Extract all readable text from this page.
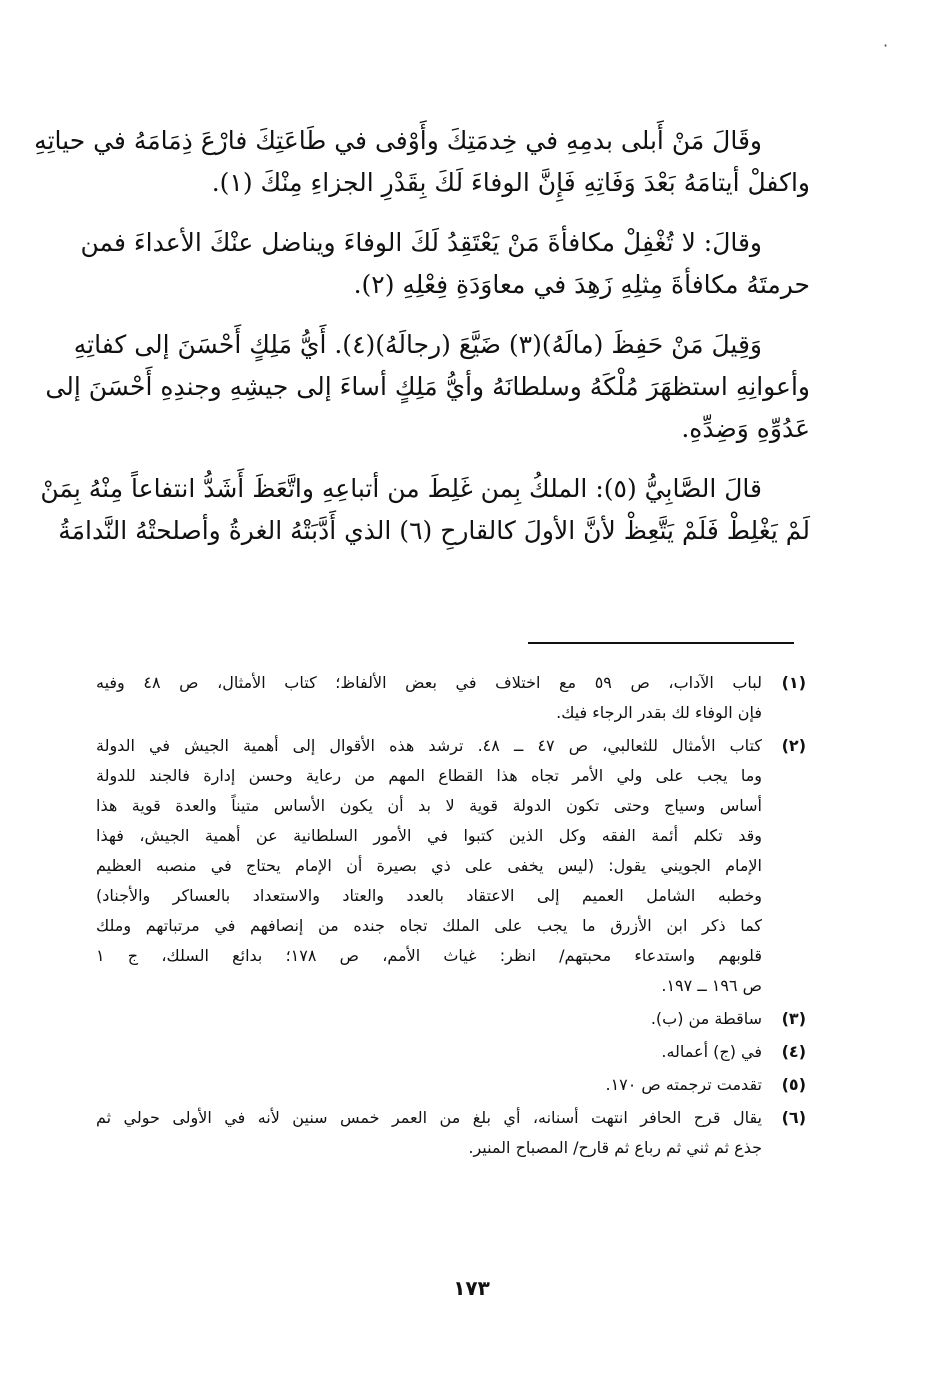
·

وقَالَ مَنْ أَبلى بدمِهِ في خِدمَتِكَ وأَوْفى في طَاعَتِكَ فارْعَ ذِمَامَهُ في حياتِهِ
واكفلْ أيتامَهُ بَعْدَ وَفَاتِهِ فَإِنَّ الوفاءَ لَكَ بِقَدْرِ الجزاءِ مِنْكَ (١).

وقالَ: لا تُغْفِلْ مكافأةَ مَنْ يَعْتَقِدُ لَكَ الوفاءَ ويناضل عنْكَ الأعداءَ فمن
حرمتَهُ مكافأةَ مِثلِهِ زَهِدَ في معاوَدَةِ فِعْلِهِ (٢).

وَقِيلَ مَنْ حَفِظَ (مالَهُ)(٣) ضَيَّعَ (رجالَهُ)(٤). أَيُّ مَلِكٍ أَحْسَنَ إلى كفاتِهِ
وأعوانِهِ استظهَرَ مُلْكَهُ وسلطانَهُ وأيُّ مَلِكٍ أساءَ إلى جيشِهِ وجندِهِ أَحْسَنَ إلى
عَدُوِّهِ وَضِدِّهِ.

قالَ الصَّابِيُّ (٥): الملكُ بِمن غَلِطَ من أتباعِهِ واتَّعَظَ أَشَدُّ انتفاعاً مِنْهُ بِمَنْ
لَمْ يَغْلِطْ فَلَمْ يَتَّعِظْ لأنَّ الأولَ كالقارحِ (٦) الذي أَدَّبَتْهُ الغرةُ وأصلحتْهُ النَّدامَةُ

(١)
لباب الآداب، ص ٥٩ مع اختلاف في بعض الألفاظ؛ كتاب الأمثال، ص ٤٨ وفيه
فإن الوفاء لك بقدر الرجاء فيك.
(٢)
كتاب الأمثال للثعالبي، ص ٤٧ ــ ٤٨. ترشد هذه الأقوال إلى أهمية الجيش في الدولة
وما يجب على ولي الأمر تجاه هذا القطاع المهم من رعاية وحسن إدارة فالجند للدولة
أساس وسياج وحتى تكون الدولة قوية لا بد أن يكون الأساس متيناً والعدة قوية هذا
وقد تكلم أئمة الفقه وكل الذين كتبوا في الأمور السلطانية عن أهمية الجيش، فهذا
الإمام الجويني يقول: (ليس يخفى على ذي بصيرة أن الإمام يحتاج في منصبه العظيم
وخطبه الشامل العميم إلى الاعتقاد بالعدد والعتاد والاستعداد بالعساكر والأجناد)
كما ذكر ابن الأزرق ما يجب على الملك تجاه جنده من إنصافهم في مرتباتهم وملك
قلوبهم واستدعاء محبتهم/ انظر: غياث الأمم، ص ١٧٨؛ بدائع السلك، ج ١
ص ١٩٦ ــ ١٩٧.
(٣)
ساقطة من (ب).
(٤)
في (ج) أعماله.
(٥)
تقدمت ترجمته ص ١٧٠.
(٦)
يقال قرح الحافر انتهت أسنانه، أي بلغ من العمر خمس سنين لأنه في الأولى حولي ثم
جذع ثم ثني ثم رباع ثم قارح/ المصباح المنير.
١٧٣
